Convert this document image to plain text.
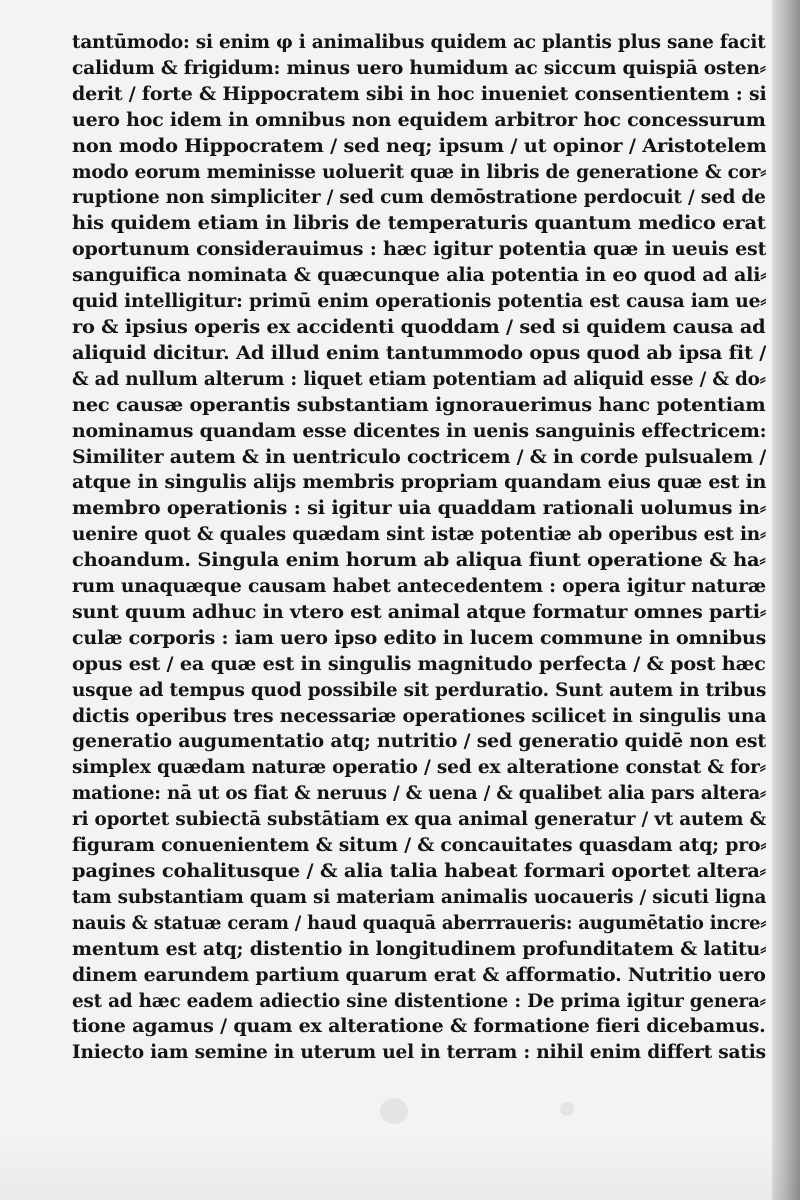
tantūmodo: si enim φ i animalibus quidem ac plantis plus sane facit
calidum & frigidum: minus uero humidum ac siccum quispiā osten⸗
derit / forte & Hippocratem sibi in hoc inueniet consentientem : si
uero hoc idem in omnibus non equidem arbitror hoc concessurum
non modo Hippocratem / sed neq; ipsum / ut opinor / Aristotelem
modo eorum meminisse uoluerit quæ in libris de generatione & cor⸗
ruptione non simpliciter / sed cum demōstratione perdocuit / sed de
his quidem etiam in libris de temperaturis quantum medico erat
oportunum considerauimus : hæc igitur potentia quæ in ueuis est
sanguifica nominata & quæcunque alia potentia in eo quod ad ali⸗
quid intelligitur: primū enim operationis potentia est causa iam ue⸗
ro & ipsius operis ex accidenti quoddam / sed si quidem causa ad
aliquid dicitur. Ad illud enim tantummodo opus quod ab ipsa fit /
& ad nullum alterum : liquet etiam potentiam ad aliquid esse / & do⸗
nec causæ operantis substantiam ignorauerimus hanc potentiam
nominamus quandam esse dicentes in uenis sanguinis effectricem:
Similiter autem & in uentriculo coctricem / & in corde pulsualem /
atque in singulis alijs membris propriam quandam eius quæ est in
membro operationis : si igitur uia quaddam rationali uolumus in⸗
uenire quot & quales quædam sint istæ potentiæ ab operibus est in⸗
choandum. Singula enim horum ab aliqua fiunt operatione & ha⸗
rum unaquæque causam habet antecedentem : opera igitur naturæ
sunt quum adhuc in vtero est animal atque formatur omnes parti⸗
culæ corporis : iam uero ipso edito in lucem commune in omnibus
opus est / ea quæ est in singulis magnitudo perfecta / & post hæc
usque ad tempus quod possibile sit perduratio. Sunt autem in tribus
dictis operibus tres necessariæ operationes scilicet in singulis una
generatio augumentatio atq; nutritio / sed generatio quidē non est
simplex quædam naturæ operatio / sed ex alteratione constat & for⸗
matione: nā ut os fiat & neruus / & uena / & qualibet alia pars altera⸗
ri oportet subiectā substātiam ex qua animal generatur / vt autem &
figuram conuenientem & situm / & concauitates quasdam atq; pro⸗
pagines cohalitusque / & alia talia habeat formari oportet altera⸗
tam substantiam quam si materiam animalis uocaueris / sicuti ligna
nauis & statuæ ceram / haud quaquā aberrraueris: augumētatio incre⸗
mentum est atq; distentio in longitudinem profunditatem & latitu⸗
dinem earundem partium quarum erat & afformatio. Nutritio uero
est ad hæc eadem adiectio sine distentione : De prima igitur genera⸗
tione agamus / quam ex alteratione & formatione fieri dicebamus.
Iniecto iam semine in uterum uel in terram : nihil enim differt satis
